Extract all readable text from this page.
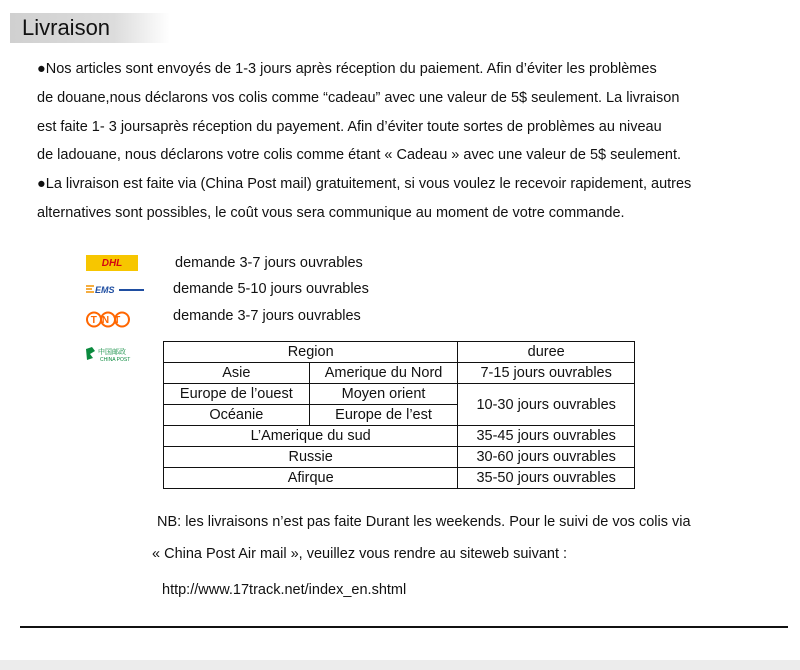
Livraison

●Nos articles sont envoyés de 1-3 jours après réception du paiement. Afin d’éviter les problèmes

de douane,nous déclarons vos colis comme “cadeau” avec une valeur de 5$ seulement. La livraison

est faite 1- 3 joursaprès réception du payement. Afin d’éviter toute sortes de problèmes au niveau

de ladouane, nous déclarons votre colis comme étant « Cadeau » avec une valeur de 5$ seulement.

●La livraison est faite via (China Post mail) gratuitement, si vous voulez le recevoir rapidement, autres

alternatives sont possibles, le coût vous sera communique au moment de votre commande.

DHL	demande 3-7 jours ouvrables
EMS	demande 5-10 jours ouvrables
TNT	demande 3-7 jours ouvrables
中国邮政
CHINA POST	Region		duree
Asie	Amerique du Nord	7-15 jours ouvrables
Europe de l’ouest	Moyen orient	10-30 jours ouvrables
Océanie	Europe de l’est	
L’Amerique du sud		35-45 jours ouvrables
Russie		30-60 jours ouvrables
Afirque		35-50 jours ouvrables
NB: les livraisons n’est pas faite Durant les weekends. Pour le suivi de vos colis via
« China Post Air mail », veuillez vous rendre au siteweb suivant :
http://www.17track.net/index_en.shtml
